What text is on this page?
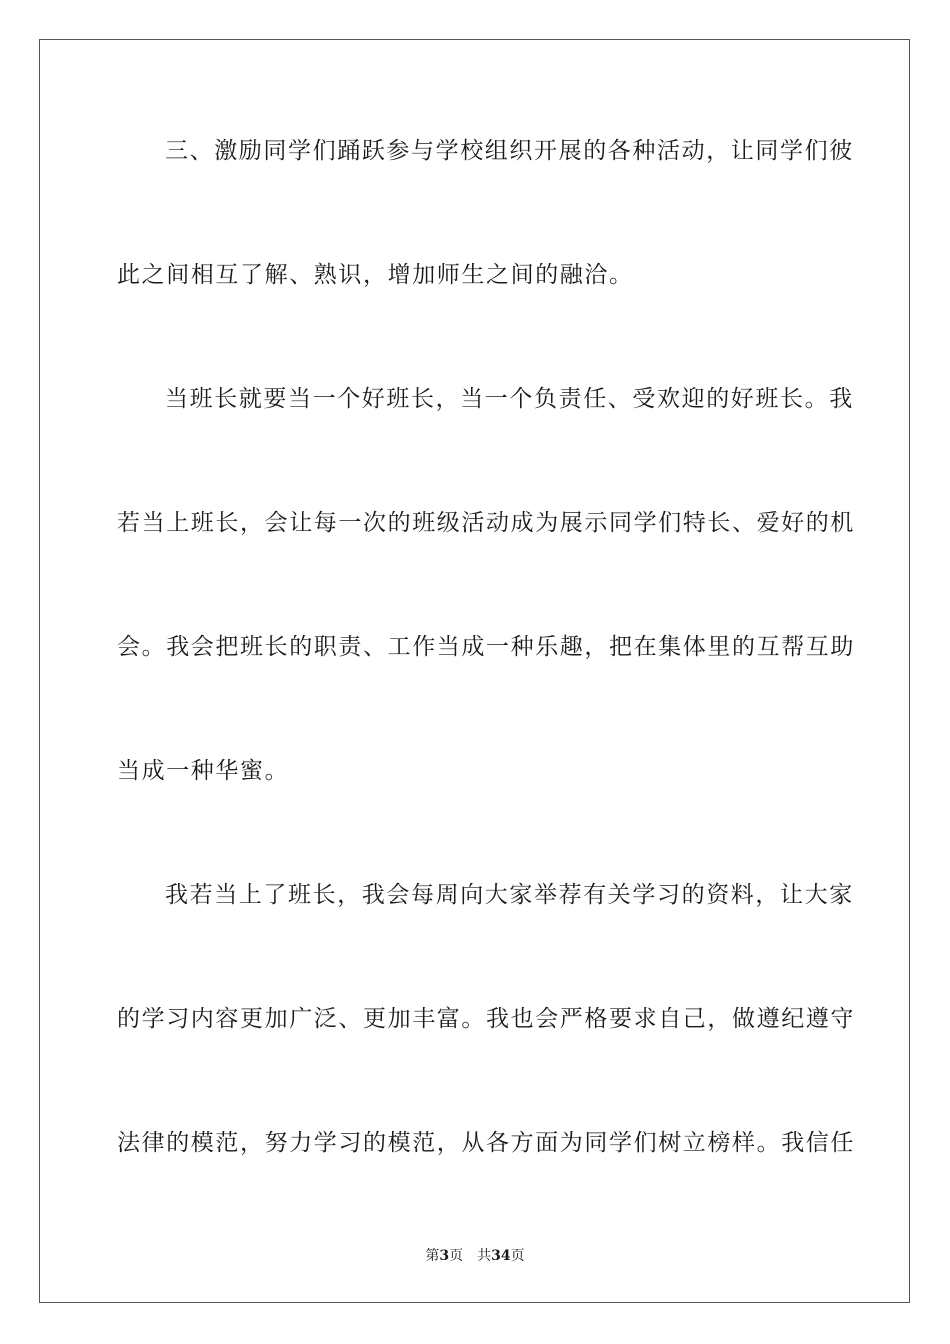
三、激励同学们踊跃参与学校组织开展的各种活动，让同学们彼
此之间相互了解、熟识，增加师生之间的融洽。
当班长就要当一个好班长，当一个负责任、受欢迎的好班长。我
若当上班长，会让每一次的班级活动成为展示同学们特长、爱好的机
会。我会把班长的职责、工作当成一种乐趣，把在集体里的互帮互助
当成一种华蜜。
我若当上了班长，我会每周向大家举荐有关学习的资料，让大家
的学习内容更加广泛、更加丰富。我也会严格要求自己，做遵纪遵守
法律的模范，努力学习的模范，从各方面为同学们树立榜样。我信任
第3页 共34页
